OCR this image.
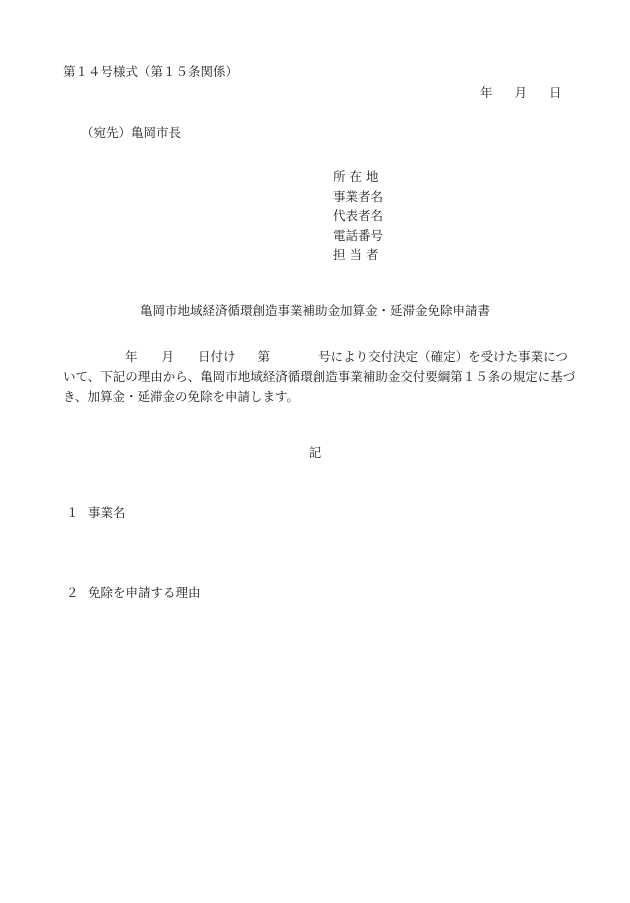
第１４号様式（第１５条関係）
年 月 日
（宛先）亀岡市長
所 在 地
事業者名
代表者名
電話番号
担 当 者
亀岡市地域経済循環創造事業補助金加算金・延滞金免除申請書
年 月 日付け 第	号により交付決定（確定）を受けた事業につ
いて、下記の理由から、亀岡市地域経済循環創造事業補助金交付要綱第１５条の規定に基づ
き、加算金・延滞金の免除を申請します。
記
１ 事業名
２ 免除を申請する理由
